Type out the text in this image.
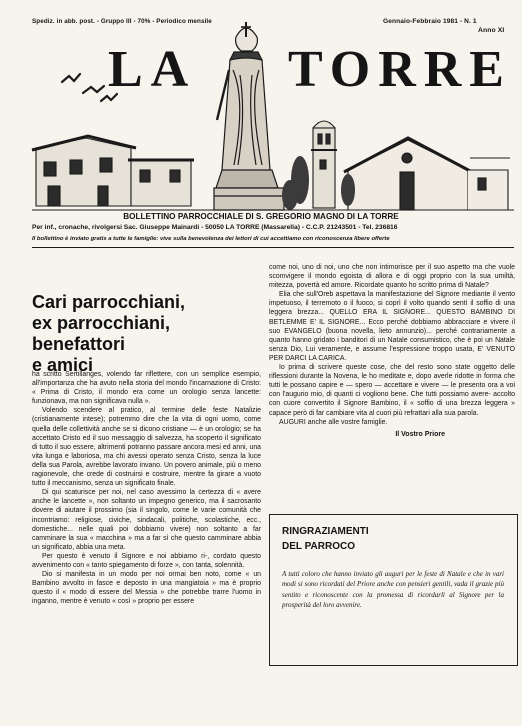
Spediz. in abb. post. - Gruppo III - 70% - Periodico mensile	Gennaio-Febbraio 1981 - N. 1
Anno XI
LA TORRE
BOLLETTINO PARROCCHIALE DI S. GREGORIO MAGNO DI LA TORRE
Per inf., cronache, rivolgersi Sac. Giuseppe Mainardi - 50050 LA TORRE (Massarella) - C.C.P. 21243501 - Tel. 236816
Il bollettino è inviato gratis a tutte le famiglie: vive sulla benevolenza dei lettori di cui accettiamo con riconoscenza libere offerte
Cari parrocchiani,
ex parrocchiani, benefattori
e amici

ha scritto Sertillanges, volendo far riflettere, con un semplice esempio, all'importanza che ha avuto nella storia del mondo l'incarnazione di Cristo: « Prima di Cristo, il mondo era come un orologio senza lancette: funzionava, ma non significava nulla ».

Volendo scendere al pratico, al termine delle feste Natalizie (cristianamente intese); potremmo dire che la vita di ogni uomo, come quella delle collettività anche se si dicono cristiane — è un orologio; se ha accettato Cristo ed il suo messaggio di salvezza, ha scoperto il significato di tutto il suo essere, altrimenti potranno passare ancora mesi ed anni, una vita lunga e laboriosa, ma chi avessi operato senza Cristo, senza la luce della sua Parola, avrebbe lavorato invano. Un povero animale, più o meno ragionevole, che crede di costruirsi e costruire, mentre fa girare a vuoto tutto il meccanismo, senza un significato finale.

Di qui scaturisce per noi, nel caso avessimo la certezza di « avere anche le lancette », non soltanto un impegno generico, ma il sacrosanto dovere di aiutare il prossimo (sia il singolo, come le varie comunità che incontriamo: religiose, civiche, sindacali, politiche, scolastiche, ecc., domestiche... nelle quali poi dobbiamo vivere) non soltanto a far camminare la sua « macchina » ma a far sì che questo camminare abbia un significato, abbia una meta.

Per questo è venuto il Signore e noi abbiamo ri-, cordato questo avvenimento con « tanto spiegamento di forze », con tanta, solennità.

Dio si manifesta in un modo per noi ormai ben noto, come « un Bambino avvolto in fasce e deposto in una mangiatoia » ma è proprio questo il « modo di essere del Messia » che potrebbe trarre l'uomo in inganno, mentre è venuto « così » proprio per essere

come noi, uno di noi, uno che non intimorisce per il suo aspetto ma che vuole scomvigere il mondo egoista di allora e di oggi proprio con la sua umiltà, mitezza, povertà ed amore. Ricordate quanto ho scritto prima di Natale?

Elia che sull'Oreb aspettava la manifestazione del Signore mediante il vento impetuoso, il terremoto o il fuoco, si coprì il volto quando sentì il soffio di una leggera brezza... QUELLO ERA IL SIGNORE... QUESTO BAMBINO DI BETLEMME E' IL SIGNORE... Ecco perché dobbiamo abbracciare e vivere il suo EVANGELO (buona novella, lieto annunzio)... perché contrariamente a quanto hanno gridato i banditori di un Natale consumistico, che è poi un Natale senza Dio, Lui veramente, e assume l'espressione troppo usata, E' VENUTO PER DARCI LA CARICA.

Io prima di scrivere queste cose, che del resto sono state oggetto delle riflessioni durante la Novena, le ho meditate e, dopo averle ridotte in forma che tutti le possano capire e — spero — accettare e vivere — le presento ora a voi con l'augurio mio, di quanti ci vogliono bene. Che tutti possiamo avere- accolto con cuore convertito il Signore Bambino, il « soffio di una brezza leggera » capace però di far cambiare vita al cuori più refrattari alla sua parola.

AUGURI anche alle vostre famiglie.

Il Vostro Priore
RINGRAZIAMENTI
DEL PARROCO
A tutti coloro che hanno inviato gli auguri per le feste di Natale e che in vari modi si sono ricordati del Priore anche con pensieri gentili, vada il grazie più sentito e riconoscente con la promessa di ricordarli al Signore per la prosperità del loro avvenire.
